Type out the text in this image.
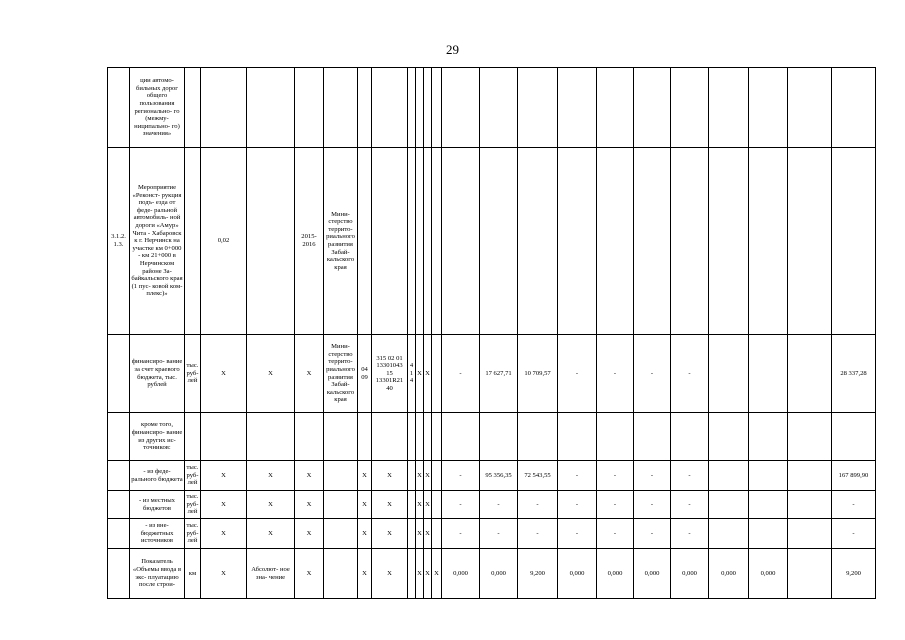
29
	ции автомо- бильных дорог общего пользования регионально- го (межму- ниципально- го) значения»																						
3.1.2. 1.3.	Мероприятие «Реконст- рукция подъ- езда от феде- ральной автомобиль- ной дороги «Амур» Чита - Хабаровск к г. Нерчинск на участке км 0+000 - км 21+000 в Нерчинском районе За- байкальского края (1 пус- ковой ком- плекс)»		0,02		2015- 2016	Мини- стерство террито- риального развития Забай- кальского края																	
	финансиро- вание за счет краевого бюджета, тыс. рублей	тыс. руб- лей	X	X	X	Мини- стерство террито- риального развития Забай- кальского края	04 09	315 02 01 13301043 15 13301R21 40	4 1 4	X	X		-	17 627,71	10 709,57	-	-	-	-				28 337,28
	кроме того, финансиро- вание из других ис- точников:																						
	- из феде- рального бюджета	тыс. руб- лей	X	X	X		X	X		X	X		-	95 356,35	72 543,55	-	-	-	-				167 899,90
	- из местных бюджетов	тыс. руб- лей	X	X	X		X	X		X	X		-	-	-	-	-	-	-				-
	- из вне- бюджетных источников	тыс. руб- лей	X	X	X		X	X		X	X		-	-	-	-	-	-	-				-
	Показатель «Объемы ввода в экс- плуатацию после строи-	км	X	Абсолют- ное зна- чение	X		X	X		X	X	X	0,000	0,000	9,200	0,000	0,000	0,000	0,000	0,000	0,000		9,200
